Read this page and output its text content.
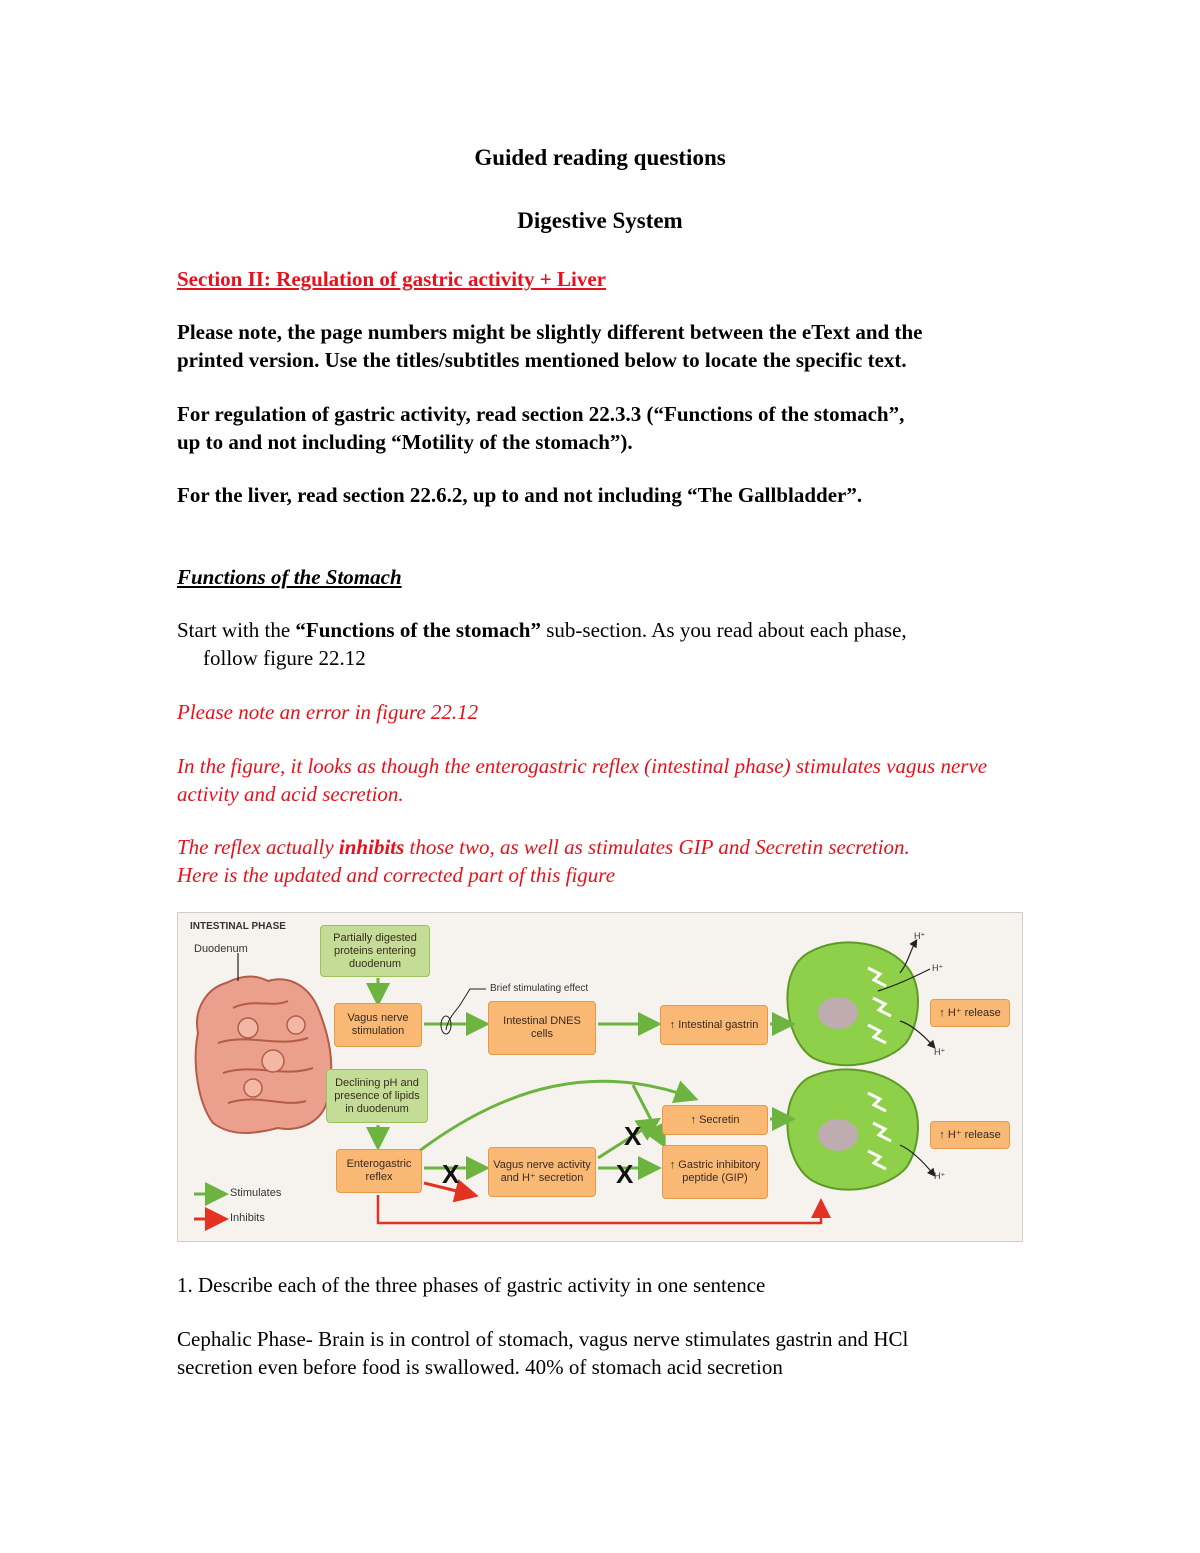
Guided reading questions
Digestive System
Section II: Regulation of gastric activity + Liver
Please note, the page numbers might be slightly different between the eText and the
printed version. Use the titles/subtitles mentioned below to locate the specific text.
For regulation of gastric activity, read section 22.3.3 (“Functions of the stomach”,
up to and not including “Motility of the stomach”).
For the liver, read section 22.6.2, up to and not including “The Gallbladder”.
Functions of the Stomach
Start with the “Functions of the stomach” sub-section. As you read about each phase,
follow figure 22.12
Please note an error in figure 22.12
In the figure, it looks as though the enterogastric reflex (intestinal phase) stimulates vagus nerve
activity and acid secretion.
The reflex actually inhibits those two, as well as stimulates GIP and Secretin secretion.
Here is the updated and corrected part of this figure
INTESTINAL PHASE
Duodenum
Partially digested proteins entering duodenum
Vagus nerve stimulation
Brief stimulating effect
Intestinal DNES cells
↑ Intestinal gastrin
↑ H⁺ release
Declining pH and presence of lipids in duodenum
↑ Secretin
↑ H⁺ release
Enterogastric reflex
Vagus nerve activity and H⁺ secretion
↑ Gastric inhibitory peptide (GIP)
X
X
X
H⁺
H⁺
H⁺
H⁺
Stimulates
Inhibits
1. Describe each of the three phases of gastric activity in one sentence
Cephalic Phase- Brain is in control of stomach, vagus nerve stimulates gastrin and HCl
secretion even before food is swallowed. 40% of stomach acid secretion
